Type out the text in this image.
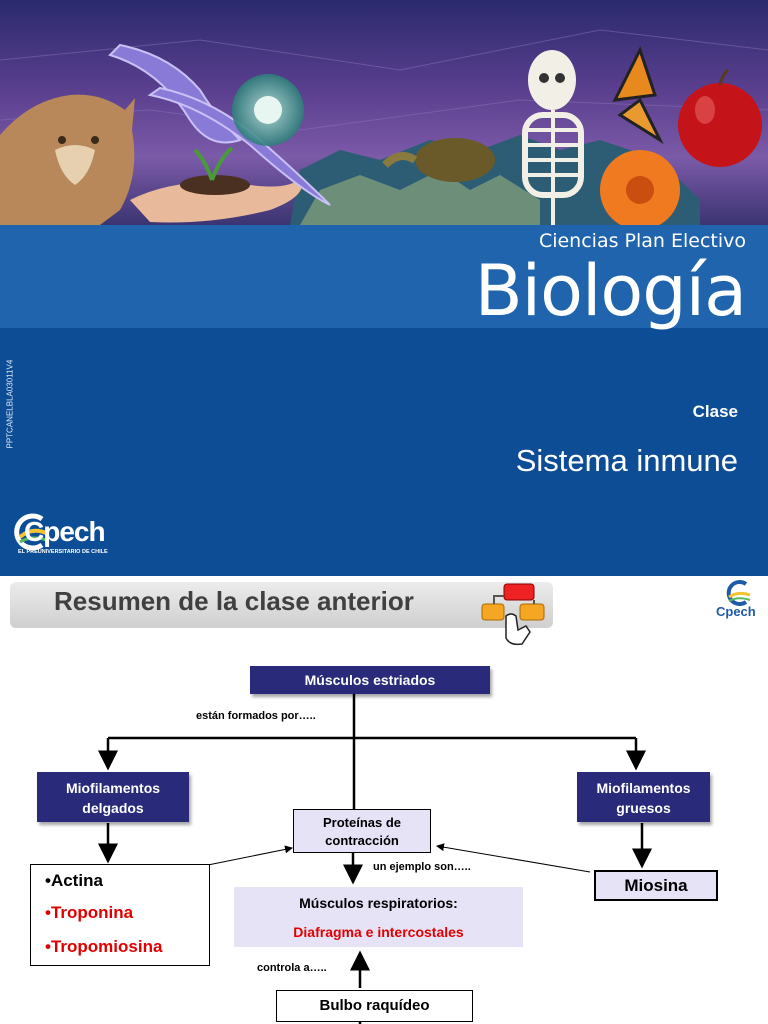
Ciencias Plan Electivo
Biología
Clase
Sistema inmune
PPTCANELBLA03011V4
Cpech
EL PREUNIVERSITARIO DE CHILE
Resumen de la clase anterior	Cpech
Músculos estriados
están formados por…..
Miofilamentos
delgados
Miofilamentos
gruesos
Proteínas de
contracción
un ejemplo son…..
•Actina
•Troponina
•Tropomiosina
Miosina
Músculos respiratorios:
Diafragma e intercostales
controla a…..
Bulbo raquídeo
